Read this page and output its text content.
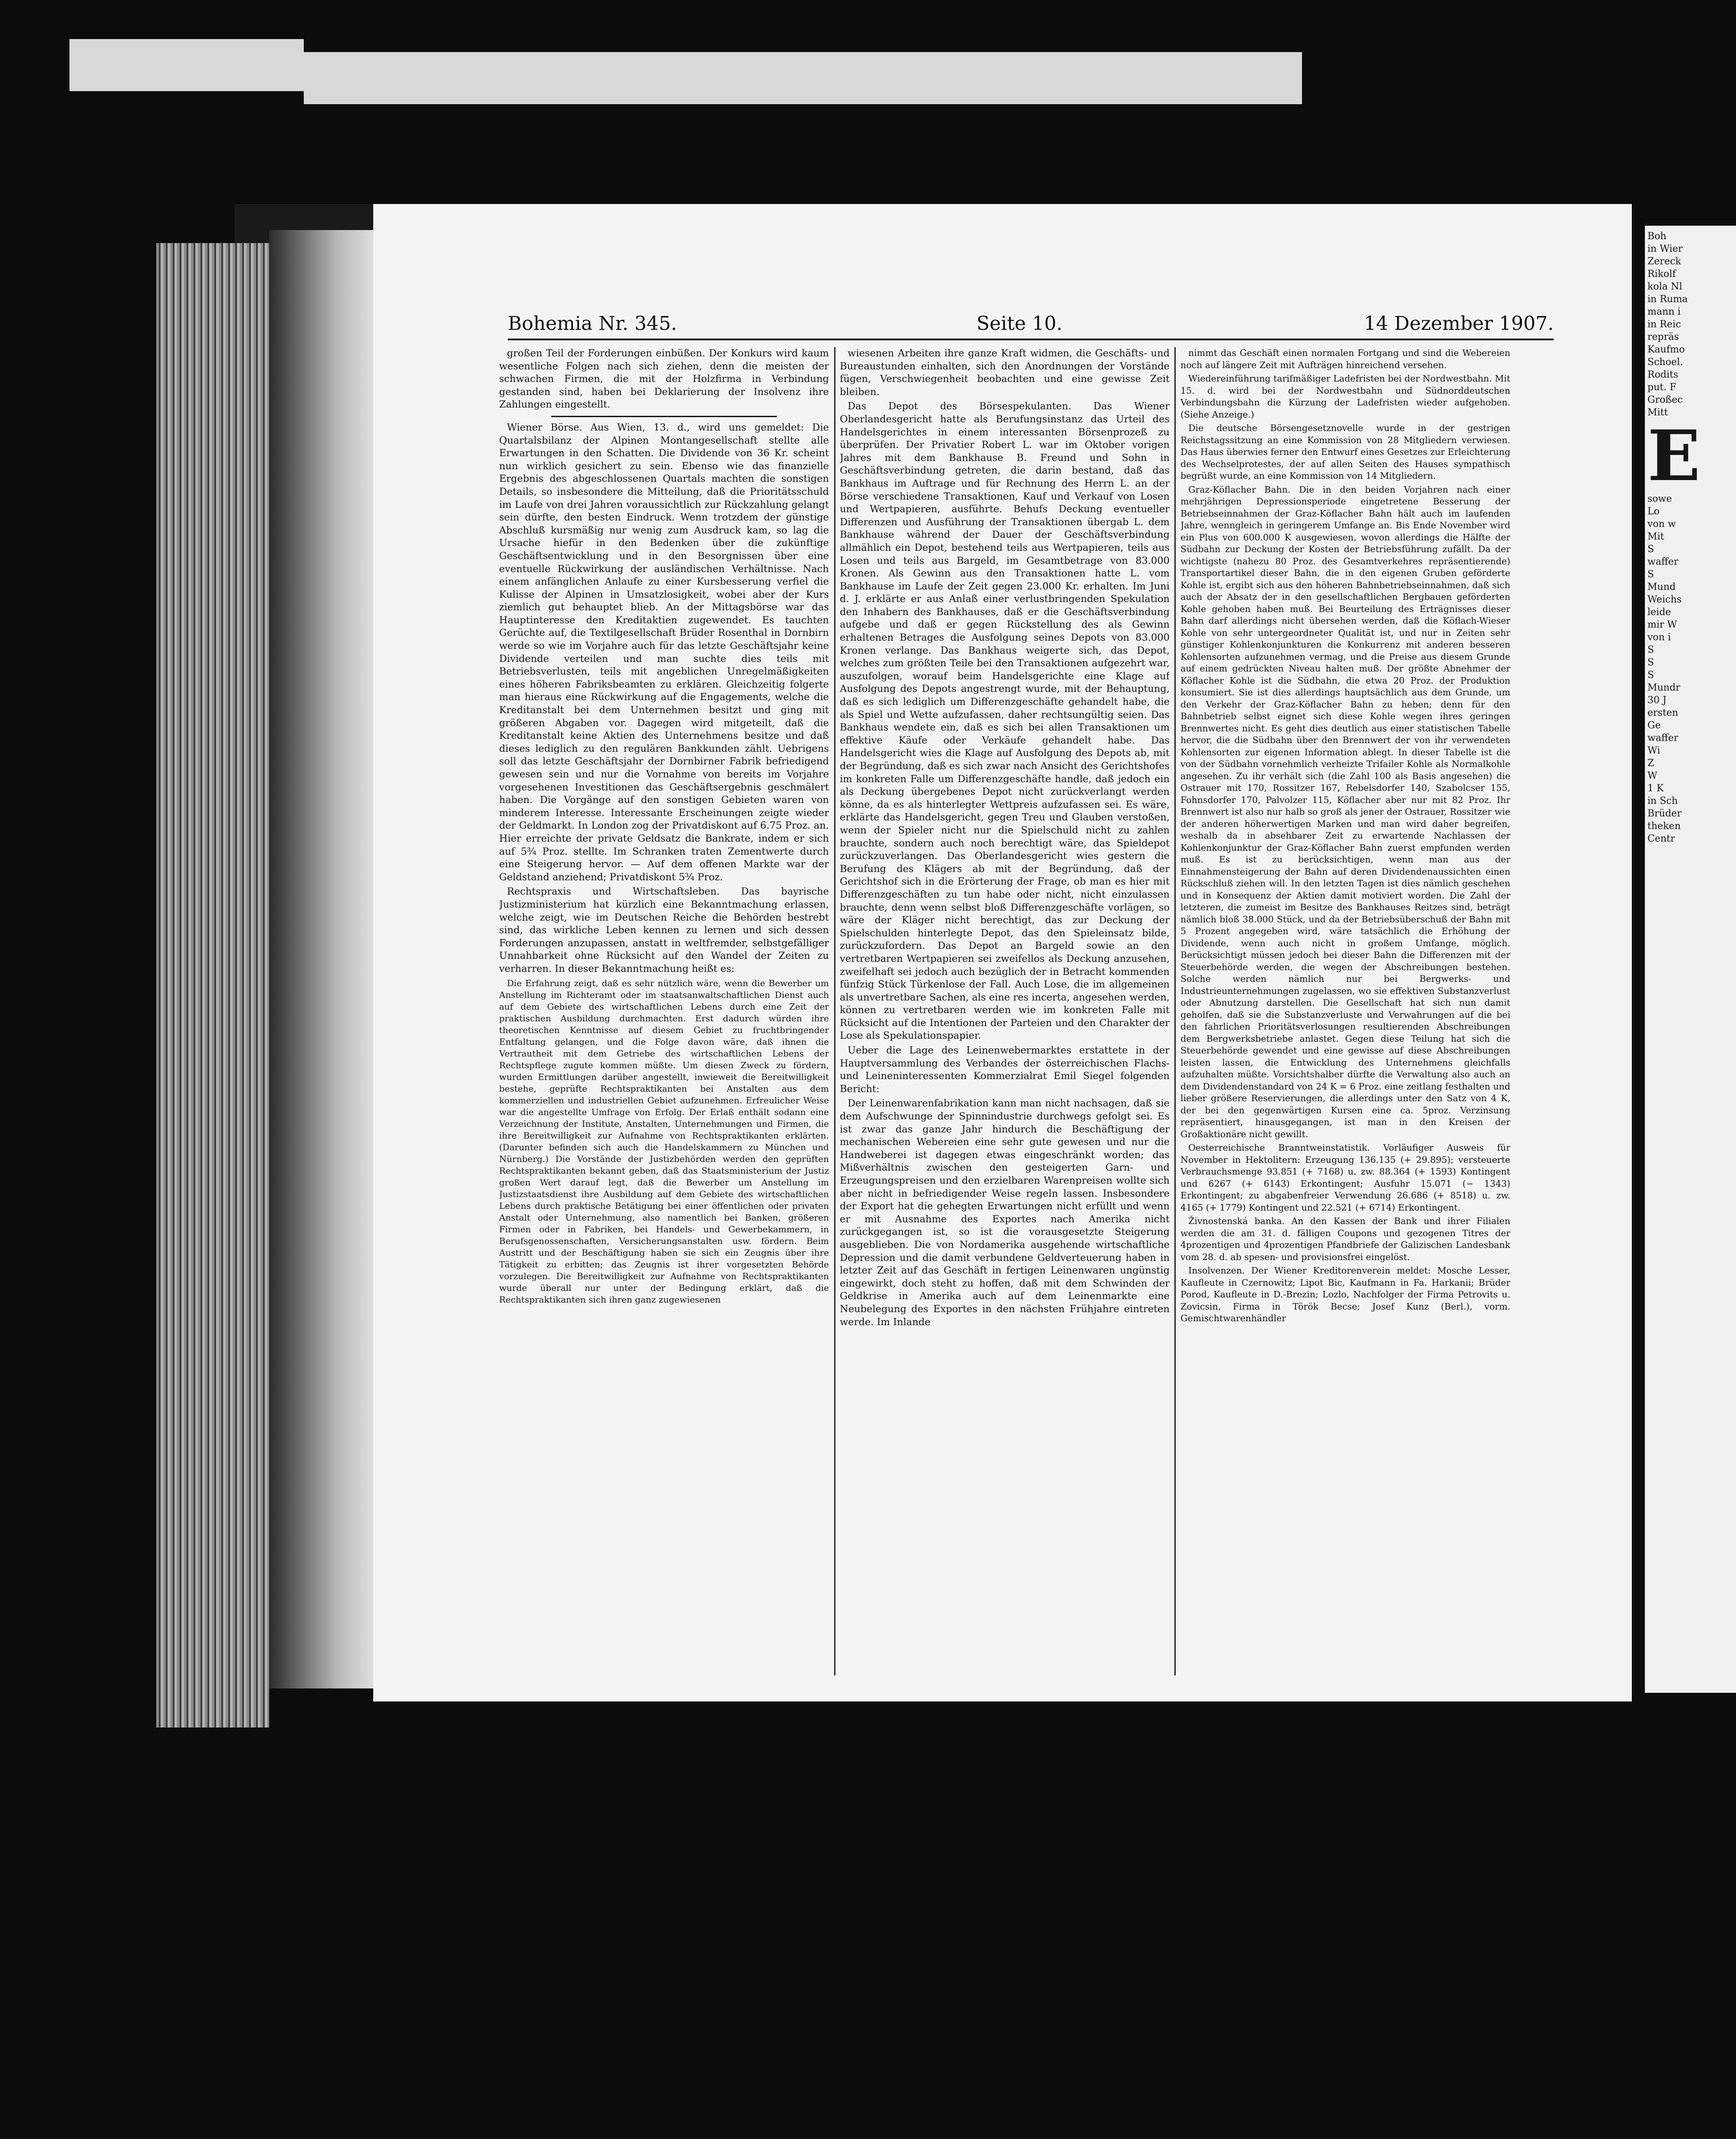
Bohemia Nr. 345.	Seite 10.	14 Dezember 1907.

großen Teil der Forderungen einbüßen. Der Konkurs wird kaum wesentliche Folgen nach sich ziehen, denn die meisten der schwachen Firmen, die mit der Holzfirma in Verbindung gestanden sind, haben bei Deklarierung der Insolvenz ihre Zahlungen eingestellt.

Wiener Börse. Aus Wien, 13. d., wird uns gemeldet: Die Quartalsbilanz der Alpinen Montangesellschaft stellte alle Erwartungen in den Schatten. Die Dividende von 36 Kr. scheint nun wirklich gesichert zu sein. Ebenso wie das finanzielle Ergebnis des abgeschlossenen Quartals machten die sonstigen Details, so insbesondere die Mitteilung, daß die Prioritätsschuld im Laufe von drei Jahren voraussichtlich zur Rückzahlung gelangt sein dürfte, den besten Eindruck. Wenn trotzdem der günstige Abschluß kursmäßig nur wenig zum Ausdruck kam, so lag die Ursache hiefür in den Bedenken über die zukünftige Geschäftsentwicklung und in den Besorgnissen über eine eventuelle Rückwirkung der ausländischen Verhältnisse. Nach einem anfänglichen Anlaufe zu einer Kursbesserung verfiel die Kulisse der Alpinen in Umsatzlosigkeit, wobei aber der Kurs ziemlich gut behauptet blieb. An der Mittagsbörse war das Hauptinteresse den Kreditaktien zugewendet. Es tauchten Gerüchte auf, die Textilgesellschaft Brüder Rosenthal in Dornbirn werde so wie im Vorjahre auch für das letzte Geschäftsjahr keine Dividende verteilen und man suchte dies teils mit Betriebsverlusten, teils mit angeblichen Unregelmäßigkeiten eines höheren Fabriksbeamten zu erklären. Gleichzeitig folgerte man hieraus eine Rückwirkung auf die Engagements, welche die Kreditanstalt bei dem Unternehmen besitzt und ging mit größeren Abgaben vor. Dagegen wird mitgeteilt, daß die Kreditanstalt keine Aktien des Unternehmens besitze und daß dieses lediglich zu den regulären Bankkunden zählt. Uebrigens soll das letzte Geschäftsjahr der Dornbirner Fabrik befriedigend gewesen sein und nur die Vornahme von bereits im Vorjahre vorgesehenen Investitionen das Geschäftsergebnis geschmälert haben. Die Vorgänge auf den sonstigen Gebieten waren von minderem Interesse. Interessante Erscheinungen zeigte wieder der Geldmarkt. In London zog der Privatdiskont auf 6.75 Proz. an. Hier erreichte der private Geldsatz die Bankrate, indem er sich auf 5¾ Proz. stellte. Im Schranken traten Zementwerte durch eine Steigerung hervor. — Auf dem offenen Markte war der Geldstand anziehend; Privatdiskont 5¾ Proz.

Rechtspraxis und Wirtschaftsleben. Das bayrische Justizministerium hat kürzlich eine Bekanntmachung erlassen, welche zeigt, wie im Deutschen Reiche die Behörden bestrebt sind, das wirkliche Leben kennen zu lernen und sich dessen Forderungen anzupassen, anstatt in weltfremder, selbstgefälliger Unnahbarkeit ohne Rücksicht auf den Wandel der Zeiten zu verharren. In dieser Bekanntmachung heißt es:

Die Erfahrung zeigt, daß es sehr nützlich wäre, wenn die Bewerber um Anstellung im Richteramt oder im staatsanwaltschaftlichen Dienst auch auf dem Gebiete des wirtschaftlichen Lebens durch eine Zeit der praktischen Ausbildung durchmachten. Erst dadurch würden ihre theoretischen Kenntnisse auf diesem Gebiet zu fruchtbringender Entfaltung gelangen, und die Folge davon wäre, daß ihnen die Vertrautheit mit dem Getriebe des wirtschaftlichen Lebens der Rechtspflege zugute kommen müßte. Um diesen Zweck zu fördern, wurden Ermittlungen darüber angestellt, inwieweit die Bereitwilligkeit bestehe, geprüfte Rechtspraktikanten bei Anstalten aus dem kommerziellen und industriellen Gebiet aufzunehmen. Erfreulicher Weise war die angestellte Umfrage von Erfolg. Der Erlaß enthält sodann eine Verzeichnung der Institute, Anstalten, Unternehmungen und Firmen, die ihre Bereitwilligkeit zur Aufnahme von Rechtspraktikanten erklärten. (Darunter befinden sich auch die Handelskammern zu München und Nürnberg.) Die Vorstände der Justizbehörden werden den geprüften Rechtspraktikanten bekannt geben, daß das Staatsministerium der Justiz großen Wert darauf legt, daß die Bewerber um Anstellung im Justizstaatsdienst ihre Ausbildung auf dem Gebiete des wirtschaftlichen Lebens durch praktische Betätigung bei einer öffentlichen oder privaten Anstalt oder Unternehmung, also namentlich bei Banken, größeren Firmen oder in Fabriken, bei Handels- und Gewerbekammern, in Berufsgenossenschaften, Versicherungsanstalten usw. fördern. Beim Austritt und der Beschäftigung haben sie sich ein Zeugnis über ihre Tätigkeit zu erbitten; das Zeugnis ist ihrer vorgesetzten Behörde vorzulegen. Die Bereitwilligkeit zur Aufnahme von Rechtspraktikanten wurde überall nur unter der Bedingung erklärt, daß die Rechtspraktikanten sich ihren ganz zugewiesenen

wiesenen Arbeiten ihre ganze Kraft widmen, die Geschäfts- und Bureaustunden einhalten, sich den Anordnungen der Vorstände fügen, Verschwiegenheit beobachten und eine gewisse Zeit bleiben.

Das Depot des Börsespekulanten. Das Wiener Oberlandesgericht hatte als Berufungsinstanz das Urteil des Handelsgerichtes in einem interessanten Börsenprozeß zu überprüfen. Der Privatier Robert L. war im Oktober vorigen Jahres mit dem Bankhause B. Freund und Sohn in Geschäftsverbindung getreten, die darin bestand, daß das Bankhaus im Auftrage und für Rechnung des Herrn L. an der Börse verschiedene Transaktionen, Kauf und Verkauf von Losen und Wertpapieren, ausführte. Behufs Deckung eventueller Differenzen und Ausführung der Transaktionen übergab L. dem Bankhause während der Dauer der Geschäftsverbindung allmählich ein Depot, bestehend teils aus Wertpapieren, teils aus Losen und teils aus Bargeld, im Gesamtbetrage von 83.000 Kronen. Als Gewinn aus den Transaktionen hatte L. vom Bankhause im Laufe der Zeit gegen 23.000 Kr. erhalten. Im Juni d. J. erklärte er aus Anlaß einer verlustbringenden Spekulation den Inhabern des Bankhauses, daß er die Geschäftsverbindung aufgebe und daß er gegen Rückstellung des als Gewinn erhaltenen Betrages die Ausfolgung seines Depots von 83.000 Kronen verlange. Das Bankhaus weigerte sich, das Depot, welches zum größten Teile bei den Transaktionen aufgezehrt war, auszufolgen, worauf beim Handelsgerichte eine Klage auf Ausfolgung des Depots angestrengt wurde, mit der Behauptung, daß es sich lediglich um Differenzgeschäfte gehandelt habe, die als Spiel und Wette aufzufassen, daher rechtsungültig seien. Das Bankhaus wendete ein, daß es sich bei allen Transaktionen um effektive Käufe oder Verkäufe gehandelt habe. Das Handelsgericht wies die Klage auf Ausfolgung des Depots ab, mit der Begründung, daß es sich zwar nach Ansicht des Gerichtshofes im konkreten Falle um Differenzgeschäfte handle, daß jedoch ein als Deckung übergebenes Depot nicht zurückverlangt werden könne, da es als hinterlegter Wettpreis aufzufassen sei. Es wäre, erklärte das Handelsgericht, gegen Treu und Glauben verstoßen, wenn der Spieler nicht nur die Spielschuld nicht zu zahlen brauchte, sondern auch noch berechtigt wäre, das Spieldepot zurückzuverlangen. Das Oberlandesgericht wies gestern die Berufung des Klägers ab mit der Begründung, daß der Gerichtshof sich in die Erörterung der Frage, ob man es hier mit Differenzgeschäften zu tun habe oder nicht, nicht einzulassen brauchte, denn wenn selbst bloß Differenzgeschäfte vorlägen, so wäre der Kläger nicht berechtigt, das zur Deckung der Spielschulden hinterlegte Depot, das den Spieleinsatz bilde, zurückzufordern. Das Depot an Bargeld sowie an den vertretbaren Wertpapieren sei zweifellos als Deckung anzusehen, zweifelhaft sei jedoch auch bezüglich der in Betracht kommenden fünfzig Stück Türkenlose der Fall. Auch Lose, die im allgemeinen als unvertretbare Sachen, als eine res incerta, angesehen werden, können zu vertretbaren werden wie im konkreten Falle mit Rücksicht auf die Intentionen der Parteien und den Charakter der Lose als Spekulationspapier.

Ueber die Lage des Leinenwebermarktes erstattete in der Hauptversammlung des Verbandes der österreichischen Flachs- und Leineninteressenten Kommerzialrat Emil Siegel folgenden Bericht:

Der Leinenwarenfabrikation kann man nicht nachsagen, daß sie dem Aufschwunge der Spinnindustrie durchwegs gefolgt sei. Es ist zwar das ganze Jahr hindurch die Beschäftigung der mechanischen Webereien eine sehr gute gewesen und nur die Handweberei ist dagegen etwas eingeschränkt worden; das Mißverhältnis zwischen den gesteigerten Garn- und Erzeugungspreisen und den erzielbaren Warenpreisen wollte sich aber nicht in befriedigender Weise regeln lassen. Insbesondere der Export hat die gehegten Erwartungen nicht erfüllt und wenn er mit Ausnahme des Exportes nach Amerika nicht zurückgegangen ist, so ist die vorausgesetzte Steigerung ausgeblieben. Die von Nordamerika ausgehende wirtschaftliche Depression und die damit verbundene Geldverteuerung haben in letzter Zeit auf das Geschäft in fertigen Leinenwaren ungünstig eingewirkt, doch steht zu hoffen, daß mit dem Schwinden der Geldkrise in Amerika auch auf dem Leinenmarkte eine Neubelegung des Exportes in den nächsten Frühjahre eintreten werde. Im Inlande

nimmt das Geschäft einen normalen Fortgang und sind die Webereien noch auf längere Zeit mit Aufträgen hinreichend versehen.

Wiedereinführung tarifmäßiger Ladefristen bei der Nordwestbahn. Mit 15. d. wird bei der Nordwestbahn und Südnorddeutschen Verbindungsbahn die Kürzung der Ladefristen wieder aufgehoben. (Siehe Anzeige.)

Die deutsche Börsengesetznovelle wurde in der gestrigen Reichstagssitzung an eine Kommission von 28 Mitgliedern verwiesen. Das Haus überwies ferner den Entwurf eines Gesetzes zur Erleichterung des Wechselprotestes, der auf allen Seiten des Hauses sympathisch begrüßt wurde, an eine Kommission von 14 Mitgliedern.

Graz-Köflacher Bahn. Die in den beiden Vorjahren nach einer mehrjährigen Depressionsperiode eingetretene Besserung der Betriebseinnahmen der Graz-Köflacher Bahn hält auch im laufenden Jahre, wenngleich in geringerem Umfange an. Bis Ende November wird ein Plus von 600.000 K ausgewiesen, wovon allerdings die Hälfte der Südbahn zur Deckung der Kosten der Betriebsführung zufällt. Da der wichtigste (nahezu 80 Proz. des Gesamtverkehres repräsentierende) Transportartikel dieser Bahn, die in den eigenen Gruben geförderte Kohle ist, ergibt sich aus den höheren Bahnbetriebseinnahmen, daß sich auch der Absatz der in den gesellschaftlichen Bergbauen geförderten Kohle gehoben haben muß. Bei Beurteilung des Erträgnisses dieser Bahn darf allerdings nicht übersehen werden, daß die Köflach-Wieser Kohle von sehr untergeordneter Qualität ist, und nur in Zeiten sehr günstiger Kohlenkonjunkturen die Konkurrenz mit anderen besseren Kohlensorten aufzunehmen vermag, und die Preise aus diesem Grunde auf einem gedrückten Niveau halten muß. Der größte Abnehmer der Köflacher Kohle ist die Südbahn, die etwa 20 Proz. der Produktion konsumiert. Sie ist dies allerdings hauptsächlich aus dem Grunde, um den Verkehr der Graz-Köflacher Bahn zu heben; denn für den Bahnbetrieb selbst eignet sich diese Kohle wegen ihres geringen Brennwertes nicht. Es geht dies deutlich aus einer statistischen Tabelle hervor, die die Südbahn über den Brennwert der von ihr verwendeten Kohlensorten zur eigenen Information ablegt. In dieser Tabelle ist die von der Südbahn vornehmlich verheizte Trifailer Kohle als Normalkohle angesehen. Zu ihr verhält sich (die Zahl 100 als Basis angesehen) die Ostrauer mit 170, Rossitzer 167, Rebelsdorfer 140, Szabolcser 155, Fohnsdorfer 170, Palvolzer 115, Köflacher aber nur mit 82 Proz. Ihr Brennwert ist also nur halb so groß als jener der Ostrauer, Rossitzer wie der anderen höherwertigen Marken und man wird daher begreifen, weshalb da in absehbarer Zeit zu erwartende Nachlassen der Kohlenkonjunktur der Graz-Köflacher Bahn zuerst empfunden werden muß. Es ist zu berücksichtigen, wenn man aus der Einnahmensteigerung der Bahn auf deren Dividendenaussichten einen Rückschluß ziehen will. In den letzten Tagen ist dies nämlich geschehen und in Konsequenz der Aktien damit motiviert worden. Die Zahl der letzteren, die zumeist im Besitze des Bankhauses Reitzes sind, beträgt nämlich bloß 38.000 Stück, und da der Betriebsüberschuß der Bahn mit 5 Prozent angegeben wird, wäre tatsächlich die Erhöhung der Dividende, wenn auch nicht in großem Umfange, möglich. Berücksichtigt müssen jedoch bei dieser Bahn die Differenzen mit der Steuerbehörde werden, die wegen der Abschreibungen bestehen. Solche werden nämlich nur bei Bergwerks- und Industrieunternehmungen zugelassen, wo sie effektiven Substanzverlust oder Abnutzung darstellen. Die Gesellschaft hat sich nun damit geholfen, daß sie die Substanzverluste und Verwahrungen auf die bei den fahrlichen Prioritätsverlosungen resultierenden Abschreibungen dem Bergwerksbetriebe anlastet. Gegen diese Teilung hat sich die Steuerbehörde gewendet und eine gewisse auf diese Abschreibungen leisten lassen, die Entwicklung des Unternehmens gleichfalls aufzuhalten müßte. Vorsichtshalber dürfte die Verwaltung also auch an dem Dividendenstandard von 24 K = 6 Proz. eine zeitlang festhalten und lieber größere Reservierungen, die allerdings unter den Satz von 4 K, der bei den gegenwärtigen Kursen eine ca. 5proz. Verzinsung repräsentiert, hinausgegangen, ist man in den Kreisen der Großaktionäre nicht gewillt.

Oesterreichische Branntweinstatistik. Vorläufiger Ausweis für November in Hektolitern: Erzeugung 136.135 (+ 29.895); versteuerte Verbrauchsmenge 93.851 (+ 7168) u. zw. 88.364 (+ 1593) Kontingent und 6267 (+ 6143) Erkontingent; Ausfuhr 15.071 (− 1343) Erkontingent; zu abgabenfreier Verwendung 26.686 (+ 8518) u. zw. 4165 (+ 1779) Kontingent und 22.521 (+ 6714) Erkontingent.

Živnostenská banka. An den Kassen der Bank und ihrer Filialen werden die am 31. d. fälligen Coupons und gezogenen Titres der 4prozentigen und 4prozentigen Pfandbriefe der Galizischen Landesbank vom 28. d. ab spesen- und provisionsfrei eingelöst.

Insolvenzen. Der Wiener Kreditorenverein meldet: Mosche Lesser, Kaufleute in Czernowitz; Lipot Bic, Kaufmann in Fa. Harkanii; Brüder Porod, Kaufleute in D.-Brezin; Lozlo, Nachfolger der Firma Petrovits u. Zovicsin, Firma in Török Becse; Josef Kunz (Berl.), vorm. Gemischtwarenhändler

Boh
in Wier
Zereck
Rikolf
kola Nl
in Ruma
mann i
in Reic
repräs
Kaufmo
Schoel.
Rodits
put. F
Großec
Mitt
E
sowe
Lo
von w
Mit
S
waffer
S
Mund
Weichs
leide
mir W
von i
S
S
S
Mundr
30 J
ersten
Ge
waffer
Wi
Z
W
1 K
in Sch
Brüder
theken
Centr
